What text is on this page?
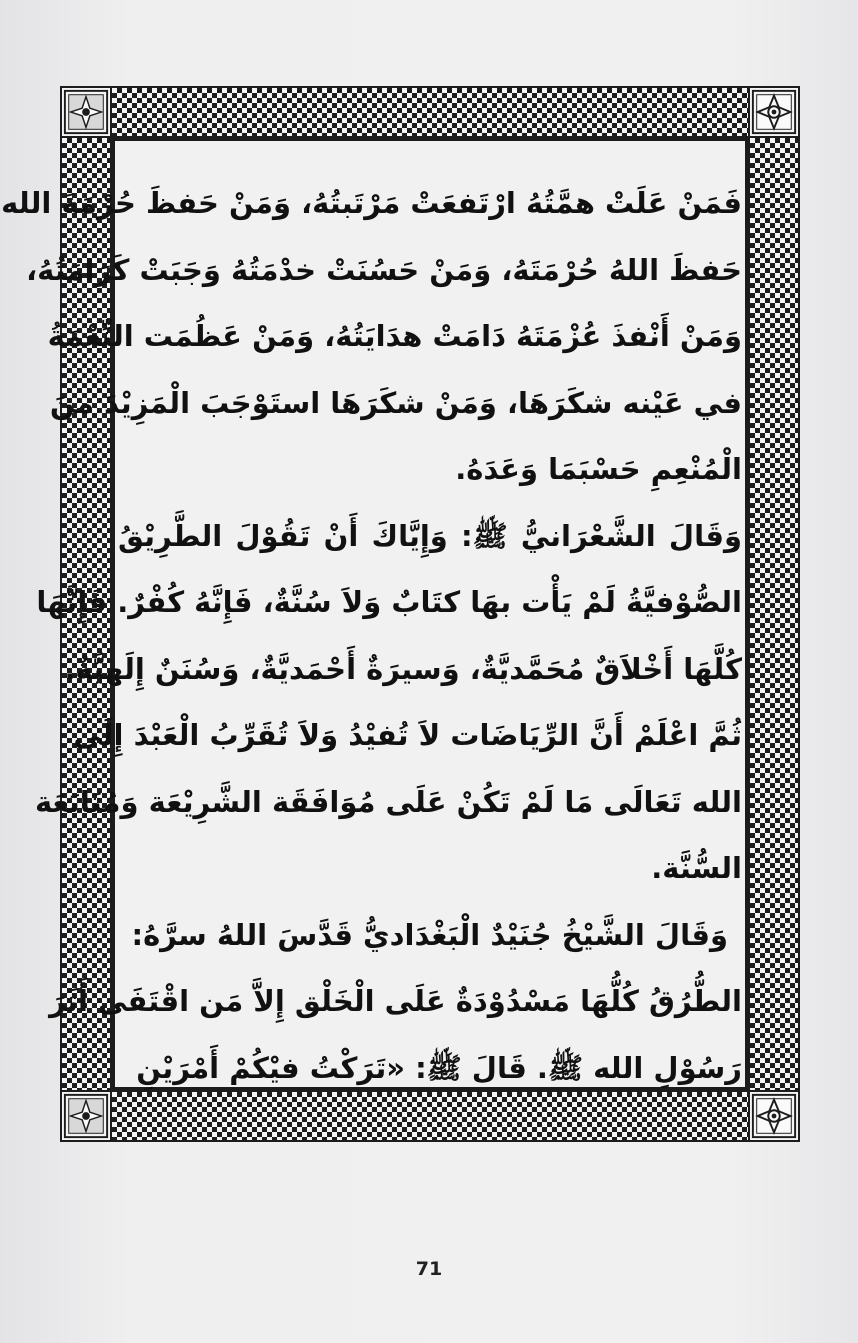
فَمَنْ عَلَتْ همَّتُهُ ارْتَفعَتْ مَرْتَبتُهُ، وَمَنْ حَفظَ حُرْمَةَ الله
حَفظَ اللهُ حُرْمَتَهُ، وَمَنْ حَسُنَتْ خدْمَتُهُ وَجَبَتْ كَرَامَتُهُ،
وَمَنْ أَنْفذَ عُزْمَتَهُ دَامَتْ هدَايَتُهُ، وَمَنْ عَظُمَت النِّعْمَةُ
في عَيْنه شكَرَهَا، وَمَنْ شكَرَهَا استَوْجَبَ الْمَزِيْدَ منَ
الْمُنْعِمِ حَسْبَمَا وَعَدَهُ.
وَقَالَ الشَّعْرَانيُّ ﷺ: وَإِيَّاكَ أَنْ تَقُوْلَ الطَّرِيْقُ
الصُّوْفيَّةُ لَمْ يَأْت بهَا كتَابٌ وَلاَ سُنَّةٌ، فَإِنَّهُ كُفْرٌ. فَإِنَّهَا
كُلَّهَا أَخْلاَقٌ مُحَمَّديَّةٌ، وَسيرَةٌ أَحْمَديَّةٌ، وَسُنَنٌ إِلَهيَّةٌ.
ثُمَّ اعْلَمْ أَنَّ الرِّيَاضَات لاَ تُفيْدُ وَلاَ تُقَرِّبُ الْعَبْدَ إِلَى
الله تَعَالَى مَا لَمْ تَكُنْ عَلَى مُوَافَقَة الشَّرِيْعَة وَمُتَابَعَة
السُّنَّة.
وَقَالَ الشَّيْخُ جُنَيْدٌ الْبَغْدَاديُّ قَدَّسَ اللهُ سرَّهُ:
الطُّرُقُ كُلُّهَا مَسْدُوْدَةٌ عَلَى الْخَلْق إِلاَّ مَن اقْتَفَى أَثَرَ
رَسُوْلِ الله ﷺ. قَالَ ﷺ: «تَرَكْتُ فيْكُمْ أَمْرَيْنِ
71
